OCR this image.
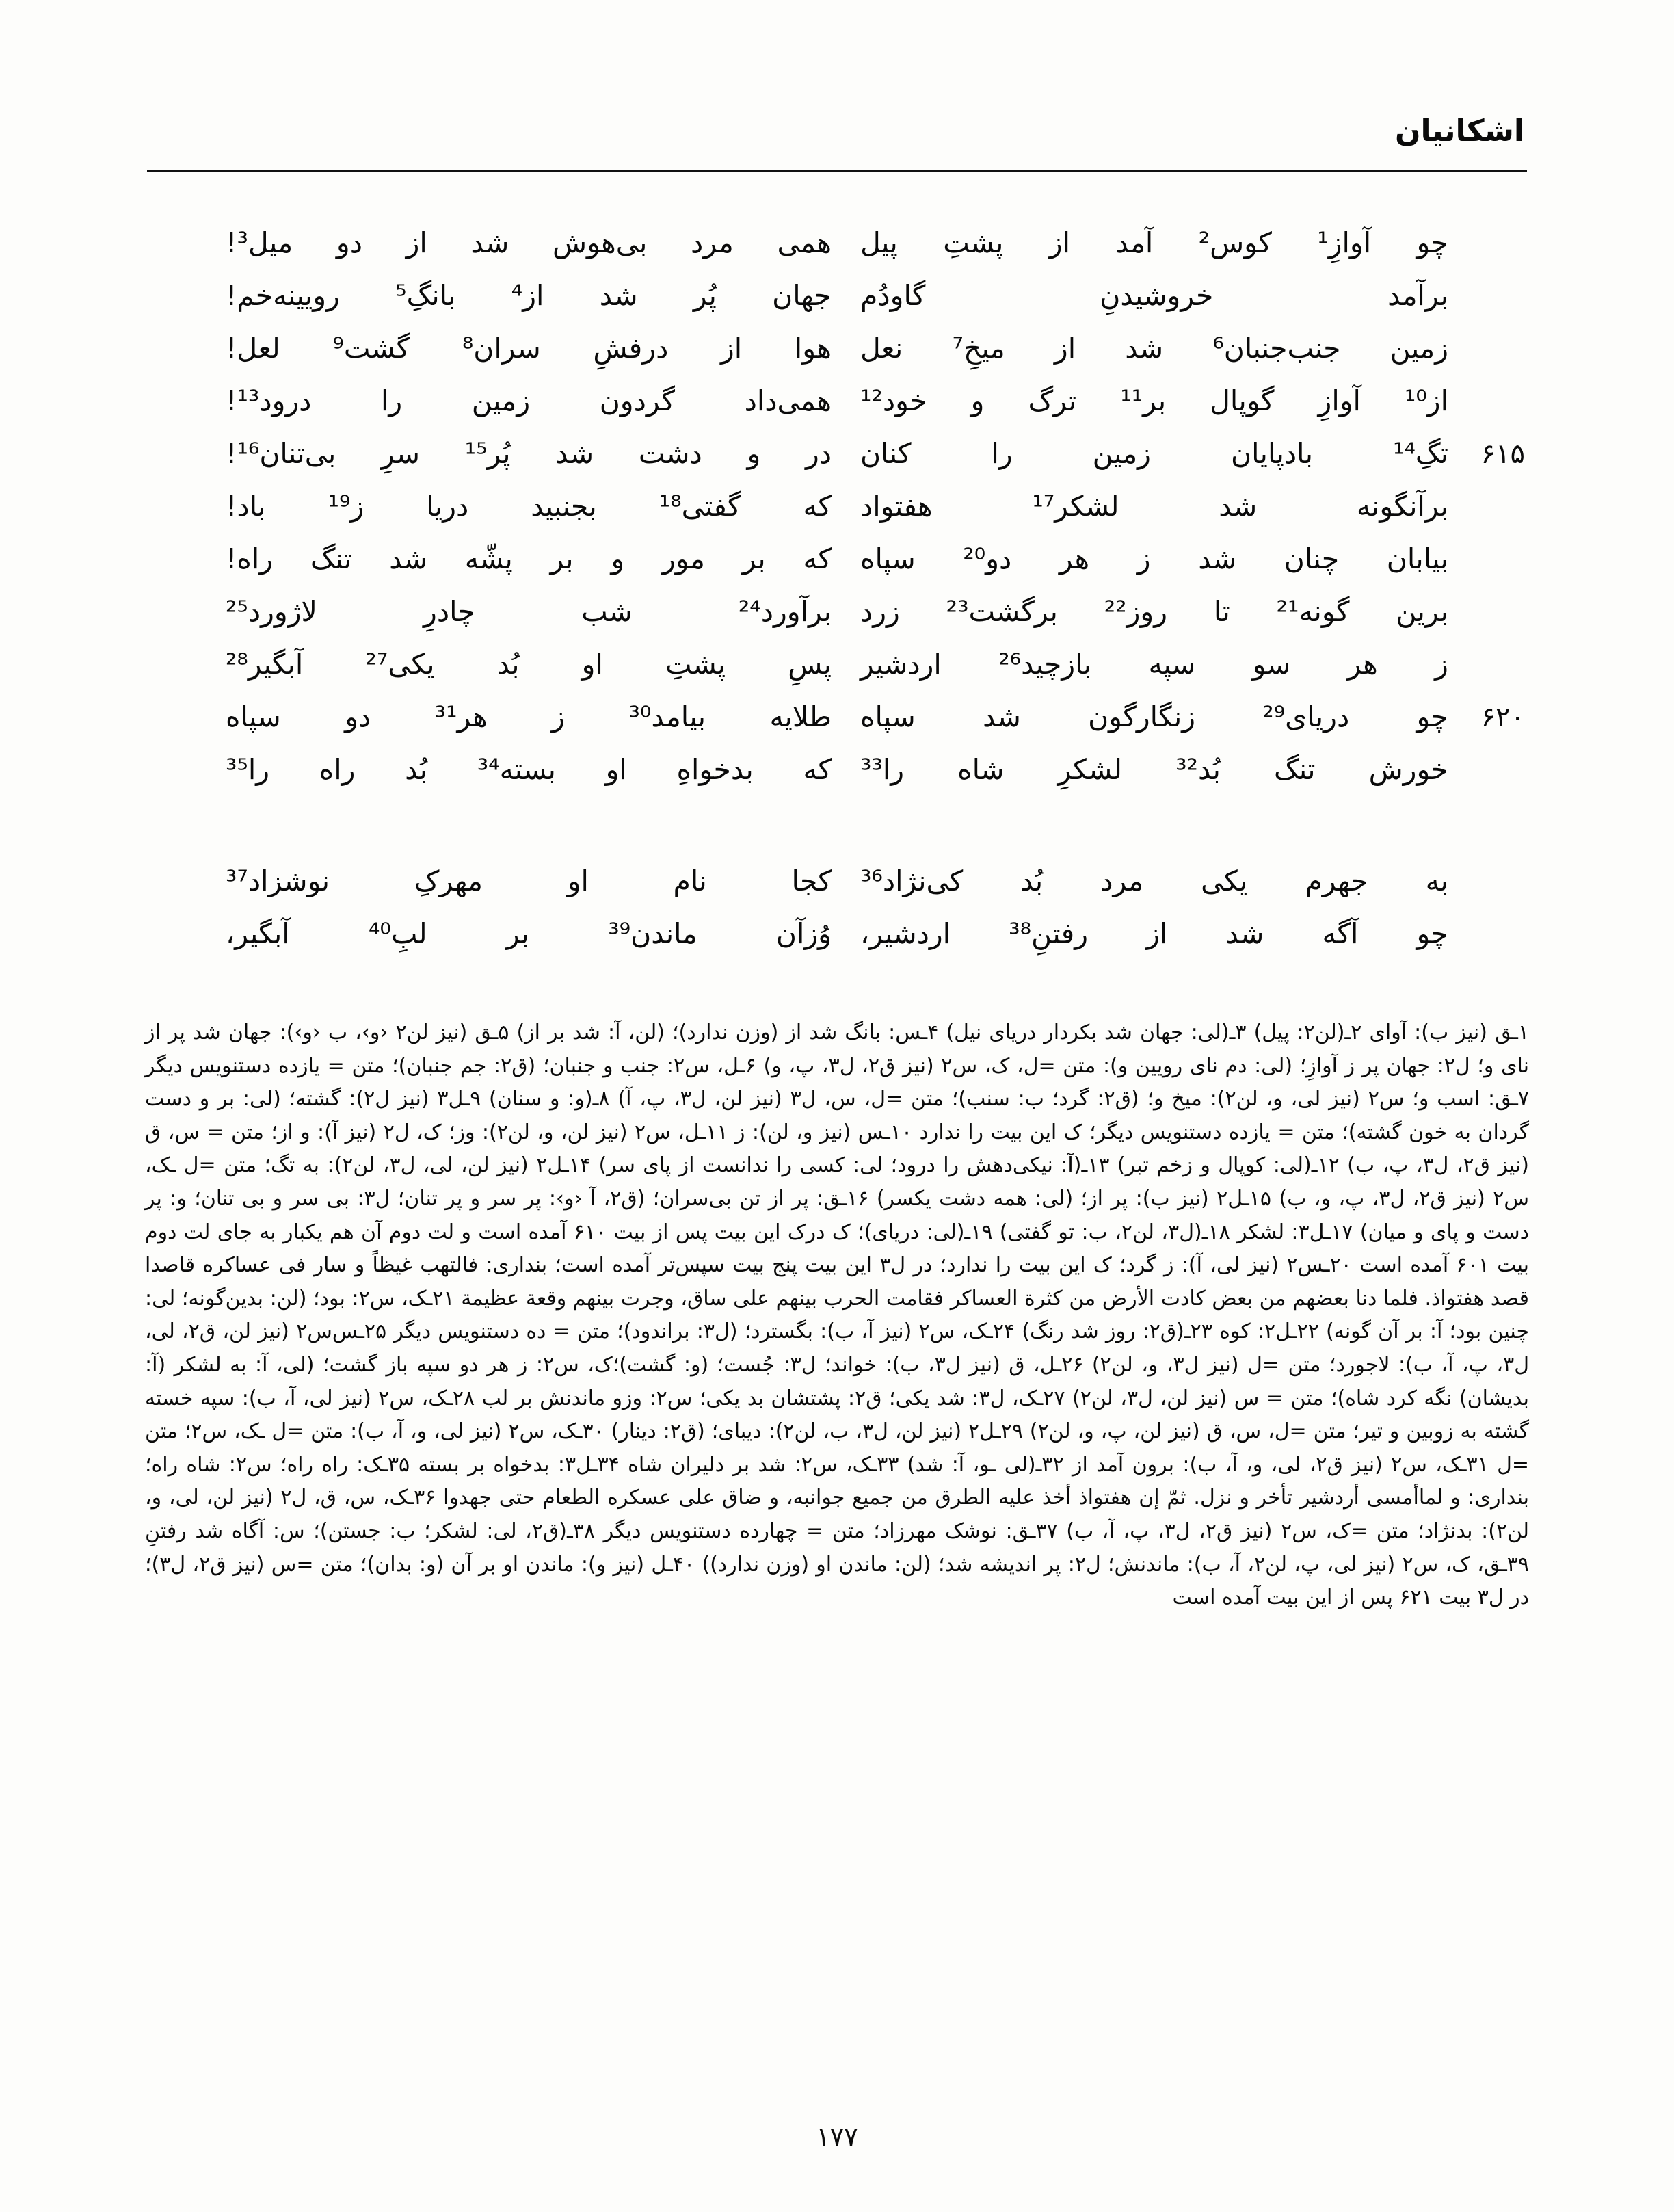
اشکانیان
چو آوازِ¹ کوس² آمد از پشتِ پیل
همی مرد بی‌هوش شد از دو میل³!
برآمد خروشیدنِ گاودُم
جهان پُر شد از⁴ بانگِ⁵ رویینه‌خم!
زمین جنب‌جنبان⁶ شد از میخِ⁷ نعل
هوا از درفشِ سران⁸ گشت⁹ لعل!
از¹⁰ آوازِ گوپال بر¹¹ ترگ و خود¹²
همی‌داد گردون زمین را درود¹³!
۶۱۵
تگِ¹⁴ بادپایان زمین را کنان
در و دشت شد پُر¹⁵ سرِ بی‌تنان¹⁶!
برآنگونه شد لشکر¹⁷ هفتواد
که گفتی¹⁸ بجنبید دریا ز¹⁹ باد!
بیابان چنان شد ز هر دو²⁰ سپاه
که بر مور و بر پشّه شد تنگ راه!
برین گونه²¹ تا روز²² برگشت²³ زرد
برآورد²⁴ شب چادرِ لاژورد²⁵
ز هر سو سپه بازچید²⁶ اردشیر
پسِ پشتِ او بُد یکی²⁷ آبگیر²⁸
۶۲۰
چو دریای²⁹ زنگارگون شد سپاه
طلایه بیامد³⁰ ز هر³¹ دو سپاه
خورش تنگ بُد³² لشکرِ شاه را³³
که بدخواهِ او بسته³⁴ بُد راه را³⁵
به جهرم یکی مرد بُد کی‌نژاد³⁶
کجا نام او مهرکِ نوشزاد³⁷
چو آگه شد از رفتنِ³⁸ اردشیر،
وُزآن ماندن³⁹ بر لبِ⁴⁰ آبگیر،

۱ـق (نیز ب): آوای ۲ـ(لن٢: پیل) ۳ـ(لی: جهان شد بکردار دریای نیل) ۴ـس: بانگ شد از (وزن ندارد)؛ (لن، آ: شد بر از) ۵ـق (نیز لن٢ ‹و›، ب ‹و›): جهان شد پر از نای و؛ ل٢: جهان پر ز آوازِ؛ (لی: دم نای رویین و): متن =ل، ک، س٢ (نیز ق٢، ل٣، پ، و) ۶ـل، س٢: جنب و جنبان؛ (ق٢: جم جنبان)؛ متن = یازده دستنویس دیگر ۷ـق: اسب و؛ س٢ (نیز لی، و، لن٢): میخ و؛ (ق٢: گرد؛ ب: سنب)؛ متن =ل، س، ل٣ (نیز لن، ل٣، پ، آ) ۸ـ(و: و سنان) ۹ـل٣ (نیز ل٢): گشته؛ (لی: بر و دست گردان به خون گشته)؛ متن = یازده دستنویس دیگر؛ ک این بیت را ندارد ۱۰ـس (نیز و، لن): ز ۱۱ـل، س٢ (نیز لن، و، لن٢): وز؛ ک، ل٢ (نیز آ): و از؛ متن = س، ق (نیز ق٢، ل٣، پ، ب) ۱۲ـ(لی: کوپال و زخم تبر) ۱۳ـ(آ: نیکی‌دهش را درود؛ لی: کسی را ندانست از پای سر) ۱۴ـل٢ (نیز لن، لی، ل٣، لن٢): به تگ؛ متن =ل ـک، س٢ (نیز ق٢، ل٣، پ، و، ب) ۱۵ـل٢ (نیز ب): پر از؛ (لی: همه دشت یکسر) ۱۶ـق: پر از تن بی‌سران؛ (ق٢، آ ‹و›: پر سر و پر تنان؛ ل٣: بی سر و بی تنان؛ و: پر دست و پای و میان) ۱۷ـل٣: لشکر ۱۸ـ(ل٣، لن٢، ب: تو گفتی) ۱۹ـ(لی: دریای)؛ ک درک این بیت پس از بیت ۶۱۰ آمده است و لت دوم آن هم یکبار به جای لت دوم بیت ۶۰۱ آمده است ۲۰ـس٢ (نیز لی، آ): ز گرد؛ ک این بیت را ندارد؛ در ل٣ این بیت پنج بیت سپس‌تر آمده است؛ بنداری: فالتهب غیظاً و سار فی عساکره قاصدا قصد هفتواذ. فلما دنا بعضهم من بعض کادت الأرض من کثرة العساکر فقامت الحرب بینهم علی ساق، وجرت بینهم وقعة عظیمة ۲۱ـک، س٢: بود؛ (لن: بدین‌گونه؛ لی: چنین بود؛ آ: بر آن گونه) ۲۲ـل٢: کوه ۲۳ـ(ق٢: روز شد رنگ) ۲۴ـک، س٢ (نیز آ، ب): بگسترد؛ (ل٣: براندود)؛ متن = ده دستنویس دیگر ۲۵ـس‌س٢ (نیز لن، ق٢، لی، ل٣، پ، آ، ب): لاجورد؛ متن =ل (نیز ل٣، و، لن٢) ۲۶ـل، ق (نیز ل٣، ب): خواند؛ ل٣: جُست؛ (و: گشت)؛ک، س٢: ز هر دو سپه باز گشت؛ (لی، آ: به لشکر (آ: بدیشان) نگه کرد شاه)؛ متن = س (نیز لن، ل٣، لن٢) ۲۷ـک، ل٣: شد یکی؛ ق٢: پشتشان بد یکی؛ س٢: وزو ماندنش بر لب ۲۸ـک، س٢ (نیز لی، آ، ب): سپه خسته گشته به زوبین و تیر؛ متن =ل، س، ق (نیز لن، پ، و، لن٢) ۲۹ـل٢ (نیز لن، ل٣، ب، لن٢): دیبای؛ (ق٢: دینار) ۳۰ـک، س٢ (نیز لی، و، آ، ب): متن =ل ـک، س٢؛ متن =ل ۳۱ـک، س٢ (نیز ق٢، لی، و، آ، ب): برون آمد از ۳۲ـ(لی ـو، آ: شد) ۳۳ـک، س٢: شد بر دلیران شاه ۳۴ـل٣: بدخواه بر بسته ۳۵ـک: راه راه؛ س٢: شاه راه؛ بنداری: و لماأمسی أردشیر تأخر و نزل. ثمّ إن هفتواذ أخذ علیه الطرق من جمیع جوانبه، و ضاق علی عسکره الطعام حتی جهدوا ۳۶ـک، س، ق، ل٢ (نیز لن، لی، و، لن٢): بدنژاد؛ متن =ک، س٢ (نیز ق٢، ل٣، پ، آ، ب) ۳۷ـق: نوشک مهرزاد؛ متن = چهارده دستنویس دیگر ۳۸ـ(ق٢، لی: لشکر؛ ب: جستن)؛ س: آگاه شد رفتنِ ۳۹ـق، ک، س٢ (نیز لی، پ، لن٢، آ، ب): ماندنش؛ ل٢: پر اندیشه شد؛ (لن: ماندن او (وزن ندارد)) ۴۰ـل (نیز و): ماندن او بر آن (و: بدان)؛ متن =س (نیز ق٢، ل٣)؛ در ل٣ بیت ۶۲۱ پس از این بیت آمده است

۱۷۷
